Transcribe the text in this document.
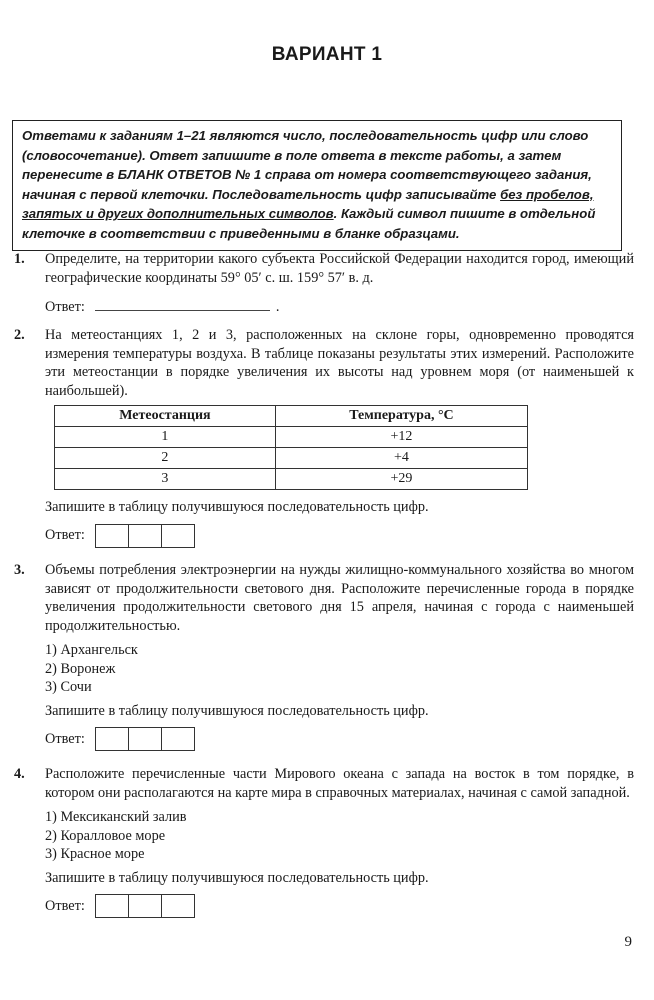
ВАРИАНТ 1
Ответами к заданиям 1–21 являются число, последовательность цифр или слово (словосочетание). Ответ запишите в поле ответа в тексте работы, а затем перенесите в БЛАНК ОТВЕТОВ № 1 справа от номера соответствующего задания, начиная с первой клеточки. Последовательность цифр записывайте без пробелов, запятых и других дополнительных символов. Каждый символ пишите в отдельной клеточке в соответствии с приведенными в бланке образцами.
1. Определите, на территории какого субъекта Российской Федерации находится город, имеющий географические координаты 59° 05′ с. ш. 159° 57′ в. д.
Ответ:	.
2. На метеостанциях 1, 2 и 3, расположенных на склоне горы, одновременно проводятся измерения температуры воздуха. В таблице показаны результаты этих измерений. Расположите эти метеостанции в порядке увеличения их высоты над уровнем моря (от наименьшей к наибольшей).
Метеостанция	Температура, °С
1	+12
2	+4
3	+29
Запишите в таблицу получившуюся последовательность цифр.
Ответ:
3. Объемы потребления электроэнергии на нужды жилищно-коммунального хозяйства во многом зависят от продолжительности светового дня. Расположите перечисленные города в порядке увеличения продолжительности светового дня 15 апреля, начиная с города с наименьшей продолжительностью.

1) Архангельск

2) Воронеж

3) Сочи

Запишите в таблицу получившуюся последовательность цифр.
Ответ:
4. Расположите перечисленные части Мирового океана с запада на восток в том порядке, в котором они располагаются на карте мира в справочных материалах, начиная с самой западной.

1) Мексиканский залив

2) Коралловое море

3) Красное море

Запишите в таблицу получившуюся последовательность цифр.
Ответ:
9
